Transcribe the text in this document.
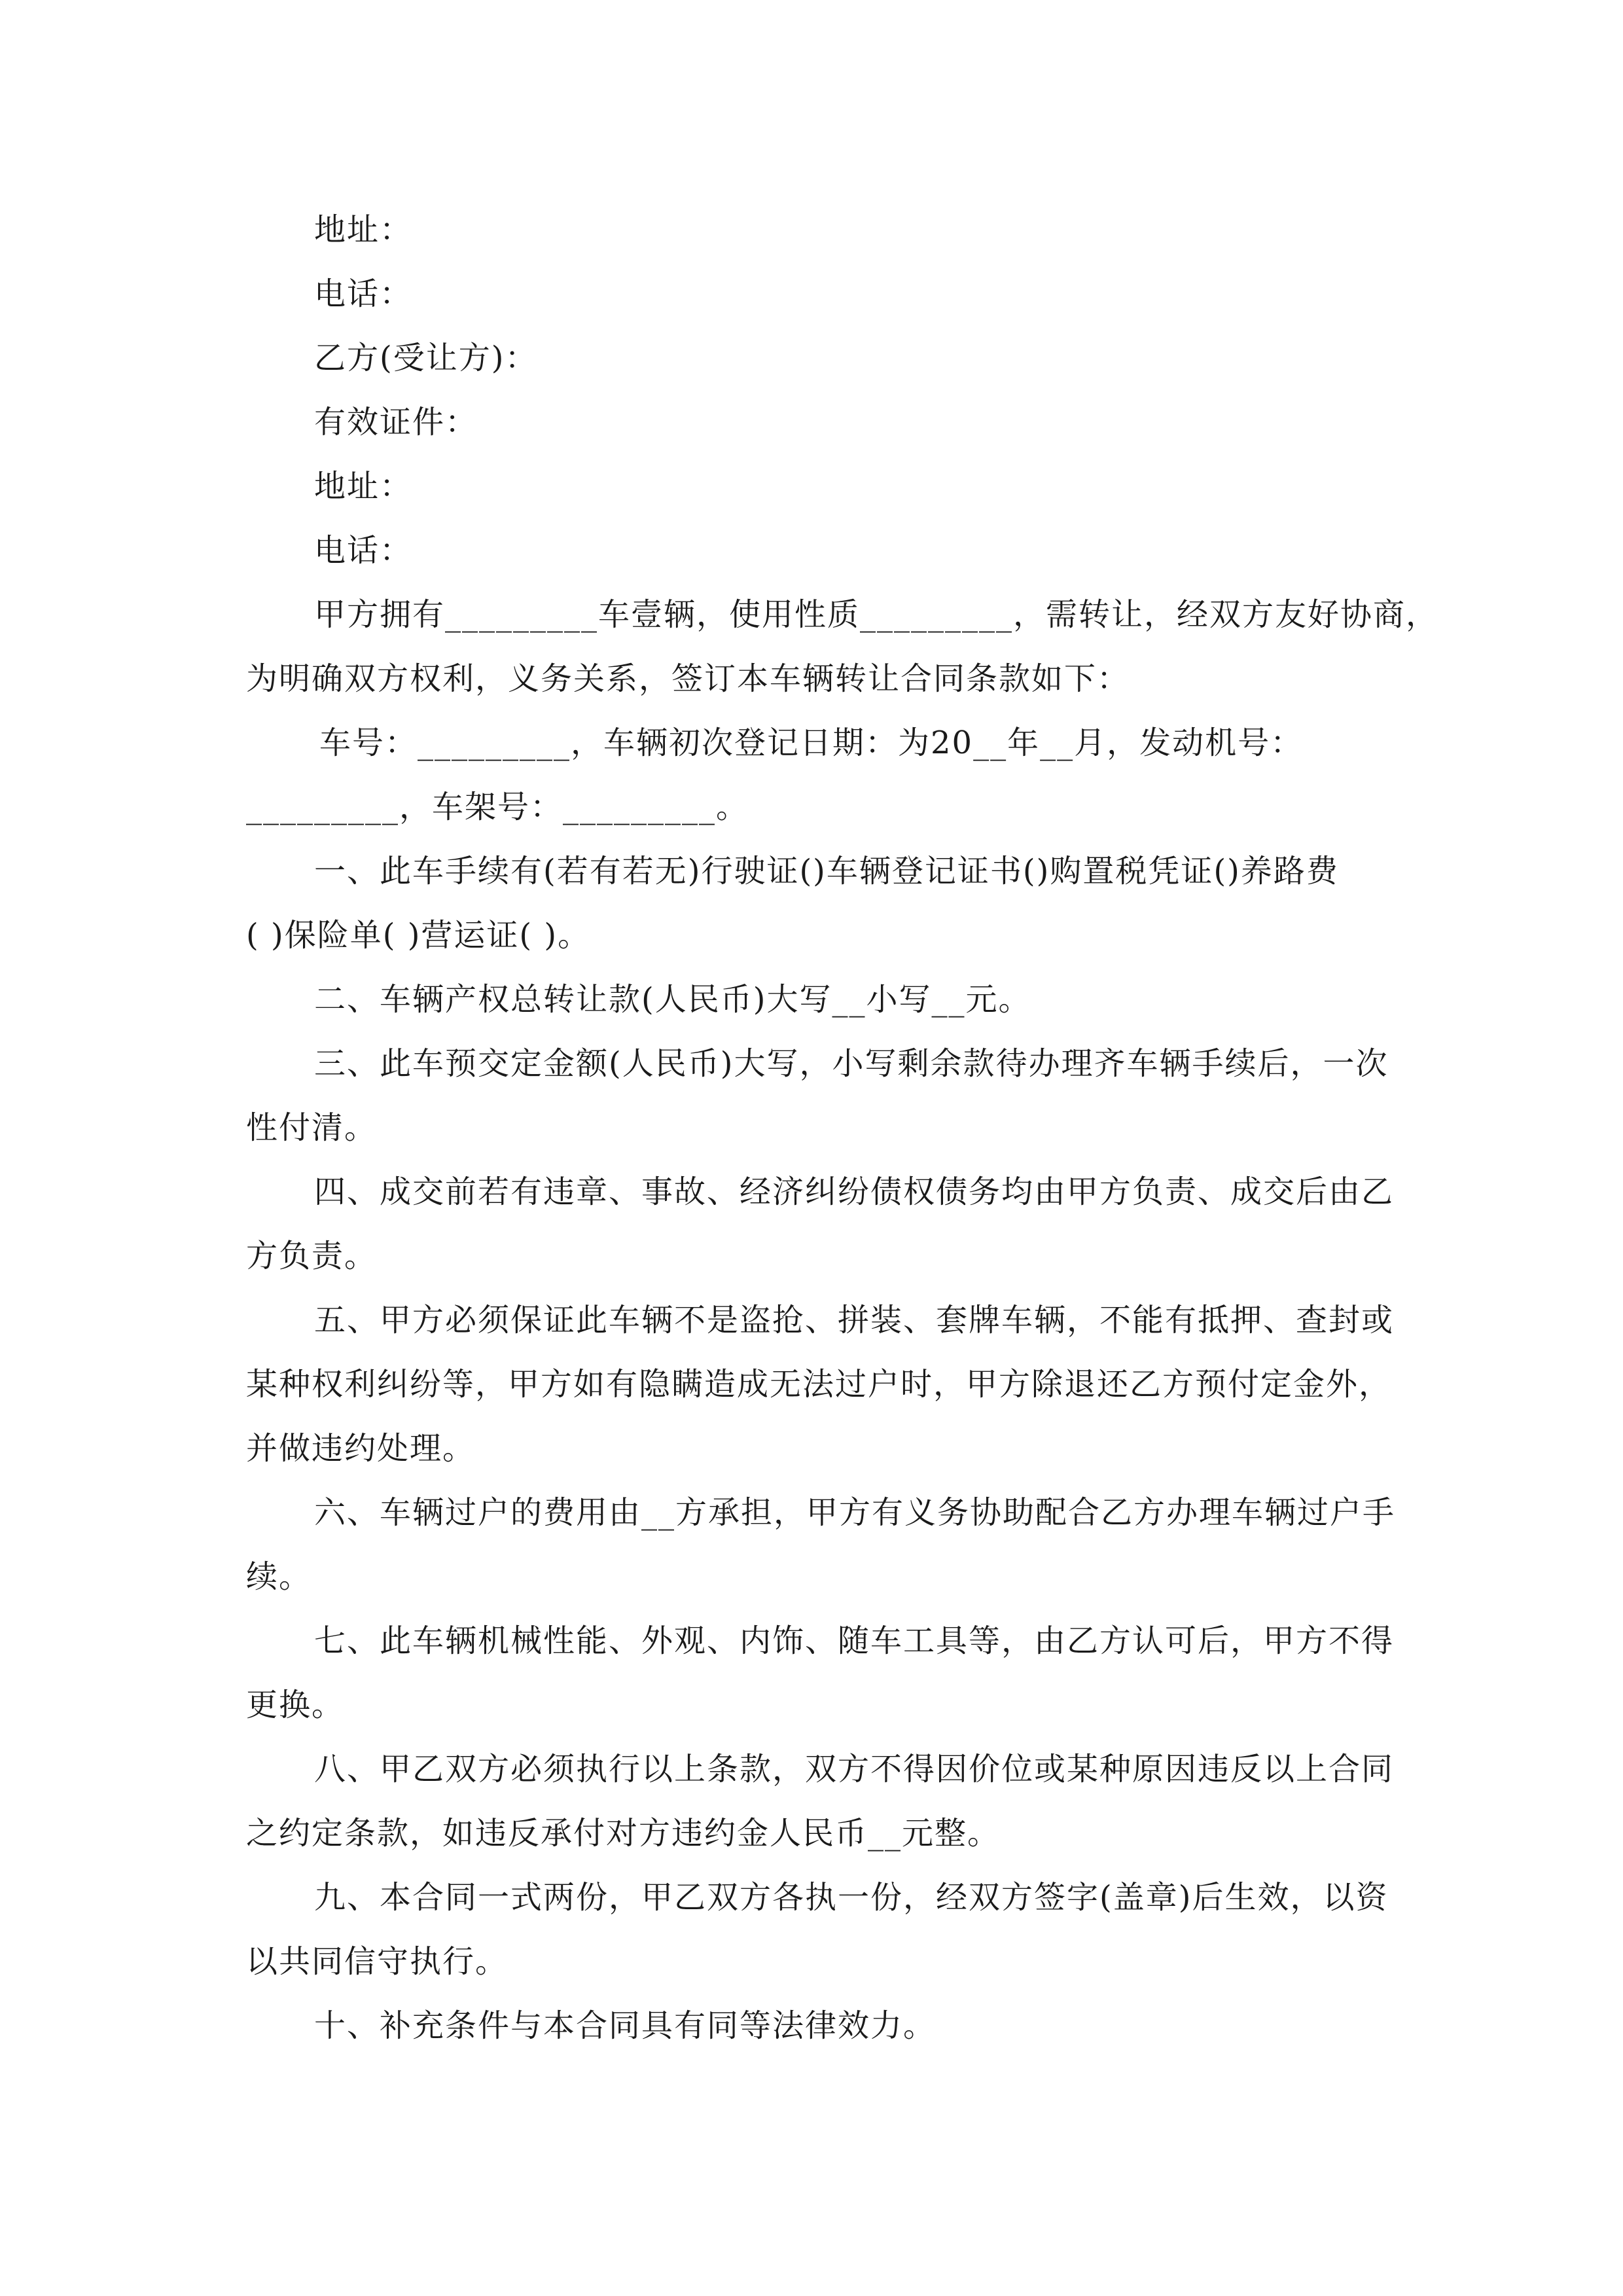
地址：

电话：

乙方(受让方)：

有效证件：

地址：

电话：

甲方拥有_________车壹辆，使用性质_________，需转让，经双方友好协商，
为明确双方权利，义务关系，签订本车辆转让合同条款如下：
车号：_________，车辆初次登记日期：为20__年__月，发动机号：
_________，车架号：_________。
一、此车手续有(若有若无)行驶证()车辆登记证书()购置税凭证()养路费
( )保险单( )营运证( )。
二、车辆产权总转让款(人民币)大写__小写__元。
三、此车预交定金额(人民币)大写，小写剩余款待办理齐车辆手续后，一次
性付清。
四、成交前若有违章、事故、经济纠纷债权债务均由甲方负责、成交后由乙
方负责。
五、甲方必须保证此车辆不是盗抢、拼装、套牌车辆，不能有抵押、查封或
某种权利纠纷等，甲方如有隐瞒造成无法过户时，甲方除退还乙方预付定金外，
并做违约处理。
六、车辆过户的费用由__方承担，甲方有义务协助配合乙方办理车辆过户手
续。
七、此车辆机械性能、外观、内饰、随车工具等，由乙方认可后，甲方不得
更换。
八、甲乙双方必须执行以上条款，双方不得因价位或某种原因违反以上合同
之约定条款，如违反承付对方违约金人民币__元整。
九、本合同一式两份，甲乙双方各执一份，经双方签字(盖章)后生效，以资
以共同信守执行。
十、补充条件与本合同具有同等法律效力。
